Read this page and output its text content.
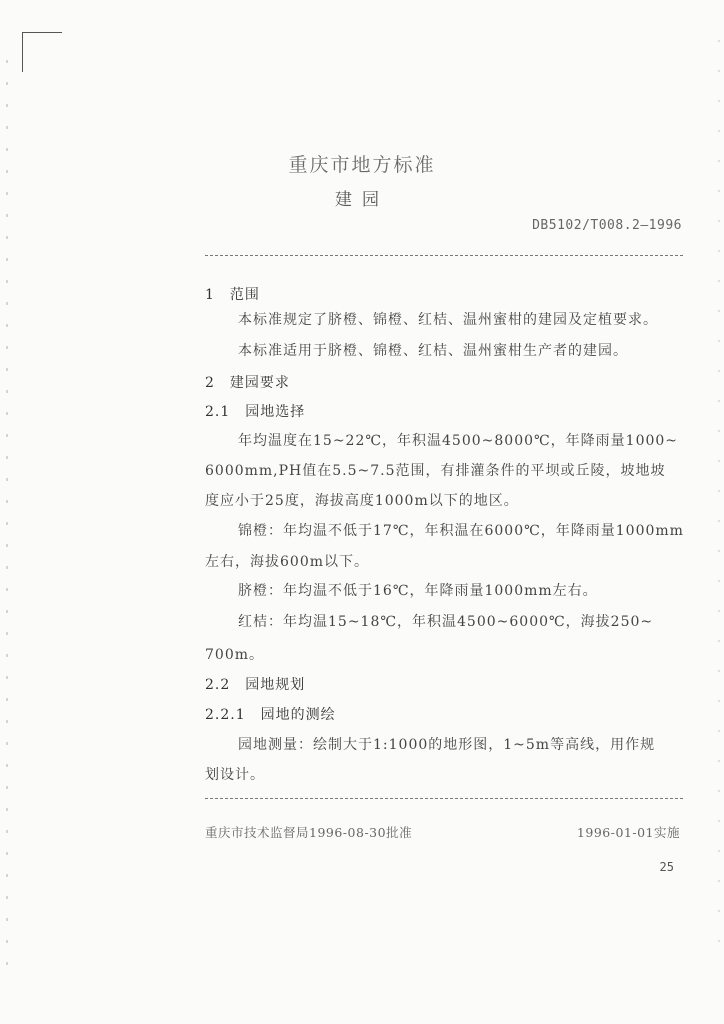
重庆市地方标准
建园
DB5102/T008.2—1996
1　范围
本标准规定了脐橙、锦橙、红桔、温州蜜柑的建园及定植要求。
本标准适用于脐橙、锦橙、红桔、温州蜜柑生产者的建园。
2　建园要求
2.1　园地选择
年均温度在15~22℃，年积温4500~8000℃，年降雨量1000~
6000mm,PH值在5.5~7.5范围，有排灌条件的平坝或丘陵，坡地坡
度应小于25度，海拔高度1000m以下的地区。
锦橙：年均温不低于17℃，年积温在6000℃，年降雨量1000mm
左右，海拔600m以下。
脐橙：年均温不低于16℃，年降雨量1000mm左右。
红桔：年均温15~18℃，年积温4500~6000℃，海拔250~
700m。
2.2　园地规划
2.2.1　园地的测绘
园地测量：绘制大于1:1000的地形图，1~5m等高线，用作规
划设计。
重庆市技术监督局1996-08-30批准	1996-01-01实施
25
